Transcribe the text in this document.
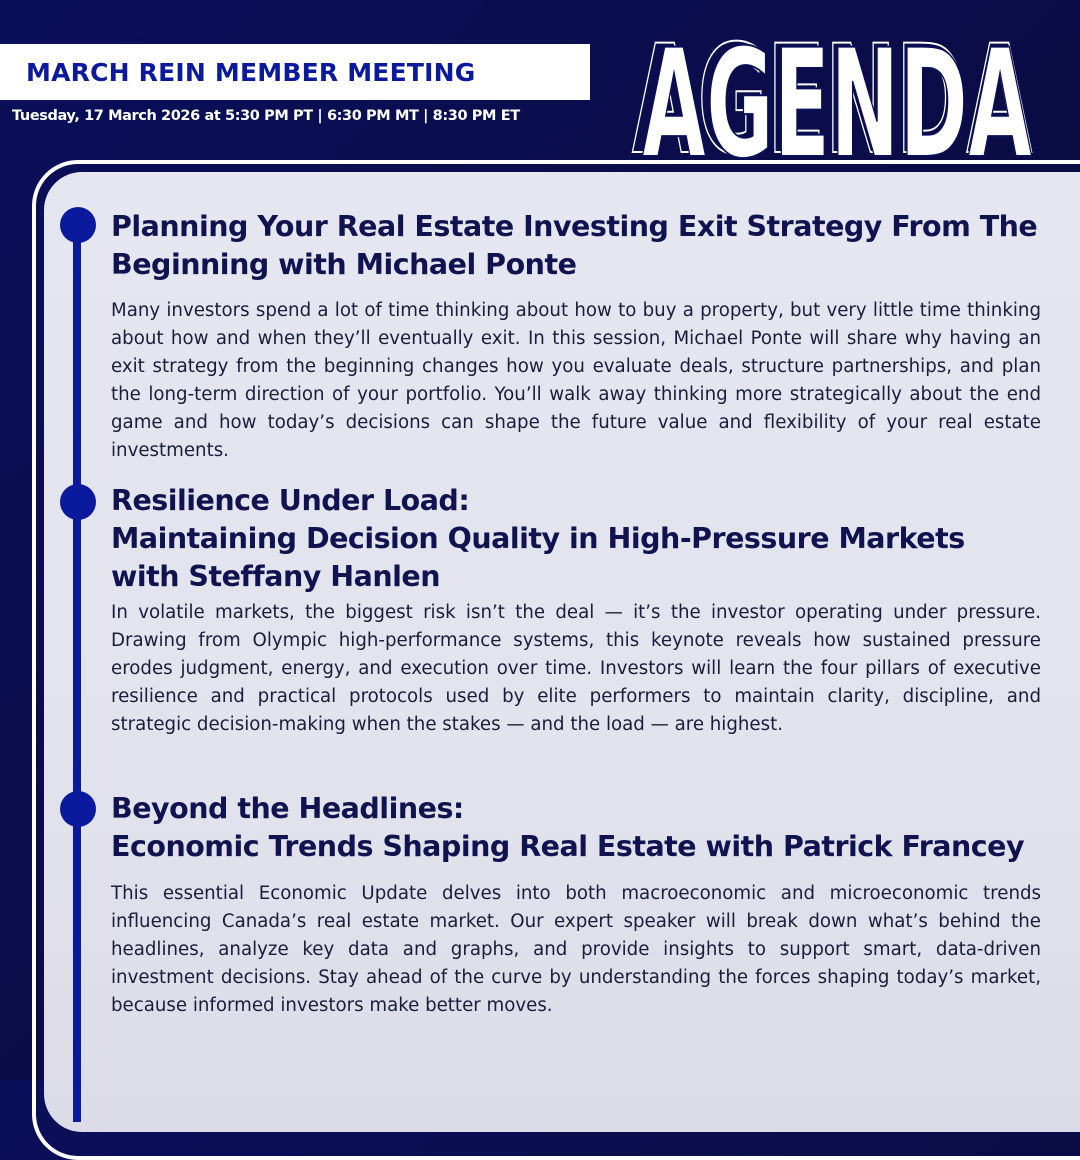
MARCH REIN MEMBER MEETING
Tuesday, 17 March 2026 at 5:30 PM PT | 6:30 PM MT | 8:30 PM ET AGENDA
AGENDA
Planning Your Real Estate Investing Exit Strategy From The
Beginning with Michael Ponte

Many investors spend a lot of time thinking about how to buy a property, but very little time thinking about how and when they’ll eventually exit. In this session, Michael Ponte will share why having an exit strategy from the beginning changes how you evaluate deals, structure partnerships, and plan the long-term direction of your portfolio. You’ll walk away thinking more strategically about the end game and how today’s decisions can shape the future value and flexibility of your real estate investments.

Resilience Under Load:
Maintaining Decision Quality in High-Pressure Markets
with Steffany Hanlen

In volatile markets, the biggest risk isn’t the deal — it’s the investor operating under pressure. Drawing from Olympic high-performance systems, this keynote reveals how sustained pressure erodes judgment, energy, and execution over time. Investors will learn the four pillars of executive resilience and practical protocols used by elite performers to maintain clarity, discipline, and strategic decision-making when the stakes — and the load — are highest.

Beyond the Headlines:
Economic Trends Shaping Real Estate with Patrick Francey

This essential Economic Update delves into both macroeconomic and microeconomic trends influencing Canada’s real estate market. Our expert speaker will break down what’s behind the headlines, analyze key data and graphs, and provide insights to support smart, data-driven investment decisions. Stay ahead of the curve by understanding the forces shaping today’s market, because informed investors make better moves.
